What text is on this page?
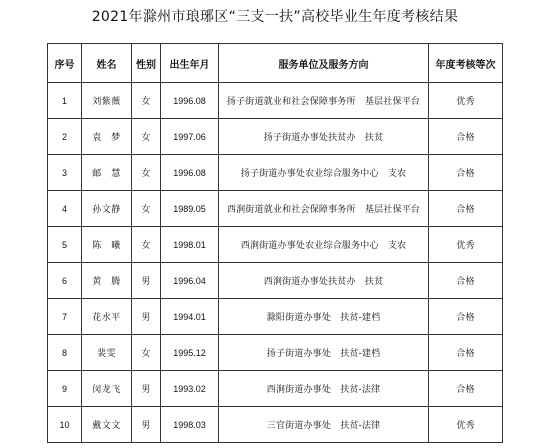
2021年滁州市琅琊区“三支一扶”高校毕业生年度考核结果
序号	姓名	性别	出生年月	服务单位及服务方向	年度考核等次
1	刘紫薇	女	1996.08	扬子街道就业和社会保障事务所　基层社保平台	优秀
2	袁　梦	女	1997.06	扬子街道办事处扶贫办　扶贫	合格
3	邮　慧	女	1996.08	扬子街道办事处农业综合服务中心　支农	合格
4	孙文静	女	1989.05	西涧街道就业和社会保障事务所　基层社保平台	合格
5	陈　曦	女	1998.01	西涧街道办事处农业综合服务中心　支农	优秀
6	黄　腾	男	1996.04	西涧街道办事处扶贫办　扶贫	合格
7	花水平	男	1994.01	滁阳街道办事处　扶贫-建档	合格
8	裴雯	女	1995.12	扬子街道办事处　扶贫-建档	合格
9	闵龙飞	男	1993.02	西涧街道办事处　扶贫-法律	合格
10	戴文文	男	1998.03	三官街道办事处　扶贫-法律	优秀
